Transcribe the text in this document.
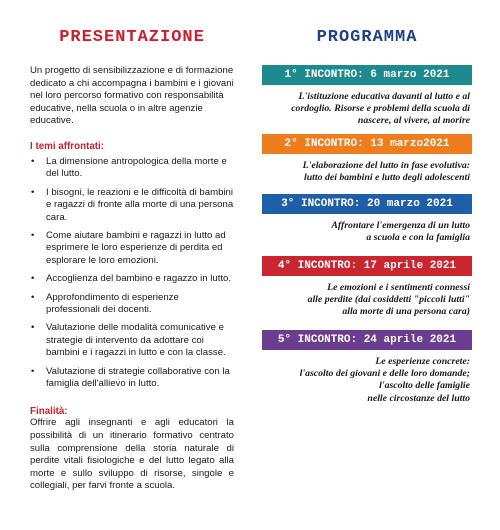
PRESENTAZIONE

Un progetto di sensibilizzazione e di formazione dedicato a chi accompagna i bambini e i giovani nel loro percorso formativo con responsabilità educative, nella scuola o in altre agenzie educative.

I temi affrontati:

• La dimensione antropologica della morte e del lutto.
• I bisogni, le reazioni e le difficoltà di bambini e ragazzi di fronte alla morte di una persona cara.
• Come aiutare bambini e ragazzi in lutto ad esprimere le loro esperienze di perdita ed esplorare le loro emozioni.
• Accoglienza del bambino e ragazzo in lutto.
• Approfondimento di esperienze professionali dei docenti.
• Valutazione delle modalità comunicative e strategie di intervento da adottare coi bambini e i ragazzi in lutto e con la classe.
• Valutazione di strategie collaborative con la famiglia dell'allievo in lutto.

Finalità:

Offrire agli insegnanti e agli educatori la possibilità di un itinerario formativo centrato sulla comprensione della storia naturale di perdite vitali fisiologiche e del lutto legato alla morte e sullo sviluppo di risorse, singole e collegiali, per farvi fronte a scuola.

PROGRAMMA
1° INCONTRO: 6 marzo 2021
L'istituzione educativa davanti al lutto e al
cordoglio. Risorse e problemi della scuola di
nascere, al vivere, al morire
2° INCONTRO: 13 marzo2021
L'elaborazione del lutto in fase evolutiva:
lutto dei bambini e lutto degli adolescenti
3° INCONTRO: 20 marzo 2021
Affrontare l'emergenza di un lutto
a scuola e con la famiglia
4° INCONTRO: 17 aprile 2021
Le emozioni e i sentimenti connessi
alle perdite (dai cosiddetti "piccoli lutti"
alla morte di una persona cara)
5° INCONTRO: 24 aprile 2021
Le esperienze concrete:
l'ascolto dei giovani e delle loro domande;
l'ascolto delle famiglie
nelle circostanze del lutto
